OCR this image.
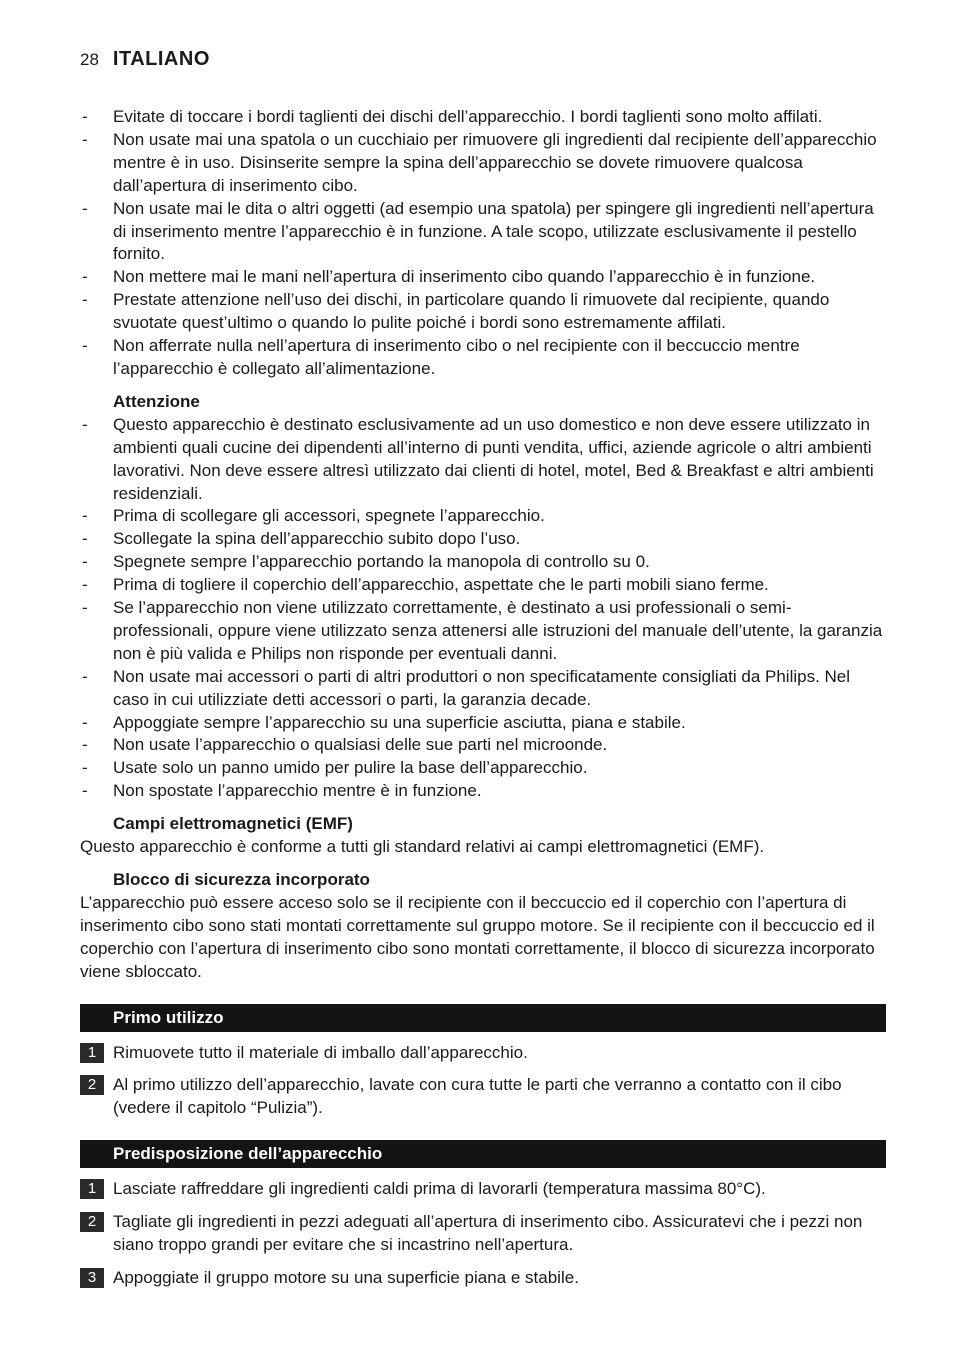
28 ITALIANO
- Evitate di toccare i bordi taglienti dei dischi dell’apparecchio. I bordi taglienti sono molto affilati.
- Non usate mai una spatola o un cucchiaio per rimuovere gli ingredienti dal recipiente dell’apparecchio mentre è in uso. Disinserite sempre la spina dell’apparecchio se dovete rimuovere qualcosa dall’apertura di inserimento cibo.
- Non usate mai le dita o altri oggetti (ad esempio una spatola) per spingere gli ingredienti nell’apertura di inserimento mentre l’apparecchio è in funzione. A tale scopo, utilizzate esclusivamente il pestello fornito.
- Non mettere mai le mani nell’apertura di inserimento cibo quando l’apparecchio è in funzione.
- Prestate attenzione nell’uso dei dischi, in particolare quando li rimuovete dal recipiente, quando svuotate quest’ultimo o quando lo pulite poiché i bordi sono estremamente affilati.
- Non afferrate nulla nell’apertura di inserimento cibo o nel recipiente con il beccuccio mentre l’apparecchio è collegato all’alimentazione.
Attenzione
- Questo apparecchio è destinato esclusivamente ad un uso domestico e non deve essere utilizzato in ambienti quali cucine dei dipendenti all’interno di punti vendita, uffici, aziende agricole o altri ambienti lavorativi. Non deve essere altresì utilizzato dai clienti di hotel, motel, Bed & Breakfast e altri ambienti residenziali.
- Prima di scollegare gli accessori, spegnete l’apparecchio.
- Scollegate la spina dell’apparecchio subito dopo l’uso.
- Spegnete sempre l’apparecchio portando la manopola di controllo su 0.
- Prima di togliere il coperchio dell’apparecchio, aspettate che le parti mobili siano ferme.
- Se l’apparecchio non viene utilizzato correttamente, è destinato a usi professionali o semi-professionali, oppure viene utilizzato senza attenersi alle istruzioni del manuale dell’utente, la garanzia non è più valida e Philips non risponde per eventuali danni.
- Non usate mai accessori o parti di altri produttori o non specificatamente consigliati da Philips. Nel caso in cui utilizziate detti accessori o parti, la garanzia decade.
- Appoggiate sempre l’apparecchio su una superficie asciutta, piana e stabile.
- Non usate l’apparecchio o qualsiasi delle sue parti nel microonde.
- Usate solo un panno umido per pulire la base dell’apparecchio.
- Non spostate l’apparecchio mentre è in funzione.
Campi elettromagnetici (EMF)

Questo apparecchio è conforme a tutti gli standard relativi ai campi elettromagnetici (EMF).

Blocco di sicurezza incorporato

L’apparecchio può essere acceso solo se il recipiente con il beccuccio ed il coperchio con l’apertura di inserimento cibo sono stati montati correttamente sul gruppo motore. Se il recipiente con il beccuccio ed il coperchio con l’apertura di inserimento cibo sono montati correttamente, il blocco di sicurezza incorporato viene sbloccato.

Primo utilizzo
1 Rimuovete tutto il materiale di imballo dall’apparecchio.
2 Al primo utilizzo dell’apparecchio, lavate con cura tutte le parti che verranno a contatto con il cibo (vedere il capitolo “Pulizia”).
Predisposizione dell’apparecchio
1 Lasciate raffreddare gli ingredienti caldi prima di lavorarli (temperatura massima 80°C).
2 Tagliate gli ingredienti in pezzi adeguati all’apertura di inserimento cibo. Assicuratevi che i pezzi non siano troppo grandi per evitare che si incastrino nell’apertura.
3 Appoggiate il gruppo motore su una superficie piana e stabile.
